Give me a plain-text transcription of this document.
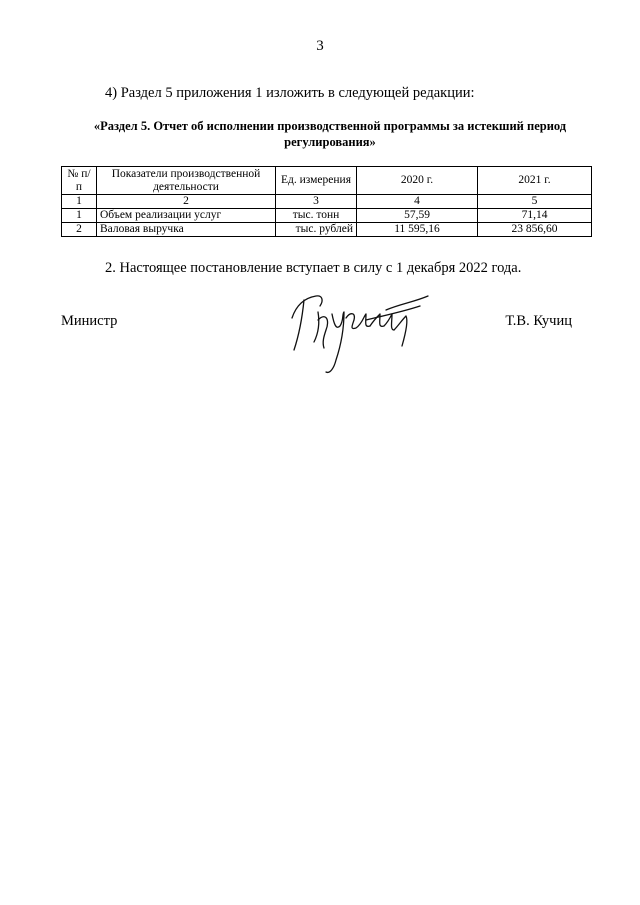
3
4) Раздел 5 приложения 1 изложить в следующей редакции:
«Раздел 5. Отчет об исполнении производственной программы за истекший период регулирования»
№ п/п	Показатели производственной деятельности	Ед. измерения	2020 г.	2021 г.
1	2	3	4	5
1	Объем реализации услуг	тыс. тонн	57,59	71,14
2	Валовая выручка	тыс. рублей	11 595,16	23 856,60
2. Настоящее постановление вступает в силу с 1 декабря 2022 года.
Министр	Т.В. Кучиц
